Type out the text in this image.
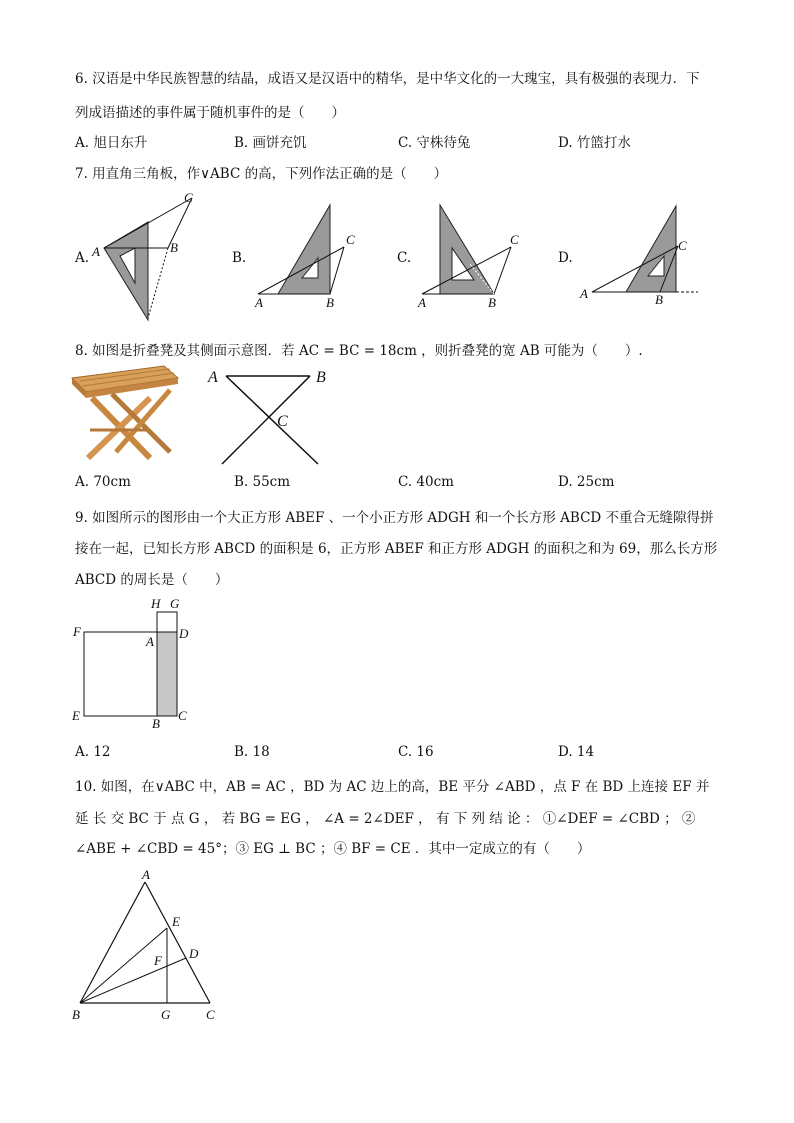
6. 汉语是中华民族智慧的结晶，成语又是汉语中的精华，是中华文化的一大瑰宝，具有极强的表现力．下
列成语描述的事件属于随机事件的是（　　）
A. 旭日东升	B. 画饼充饥	C. 守株待兔	D. 竹篮打水
7. 用直角三角板，作∨ABC 的高，下列作法正确的是（　　）
A. A	B
C
B.
A	B
C
C.
A	B
C
D.
A	B
C
8. 如图是折叠凳及其侧面示意图．若 AC = BC = 18cm ，则折叠凳的宽 AB 可能为（　　）.
A	B
C
A. 70cm	B. 55cm	C. 40cm	D. 25cm
9. 如图所示的图形由一个大正方形 ABEF 、一个小正方形 ADGH 和一个长方形 ABCD 不重合无缝隙得拼
接在一起，已知长方形 ABCD 的面积是 6，正方形 ABEF 和正方形 ADGH 的面积之和为 69，那么长方形
ABCD 的周长是（　　）
H G
F
A
D
E
B
C
A. 12	B. 18	C. 16	D. 14
10. 如图，在∨ABC 中，AB = AC ，BD 为 AC 边上的高，BE 平分 ∠ABD ，点 F 在 BD 上连接 EF 并
延 长 交 BC 于 点 G ， 若 BG = EG ， ∠A = 2∠DEF ， 有 下 列 结 论 ： ①∠DEF = ∠CBD ； ②
∠ABE + ∠CBD = 45°；③ EG ⊥ BC ；④ BF = CE ．其中一定成立的有（　　）
A
E
D
F
B	G	C
